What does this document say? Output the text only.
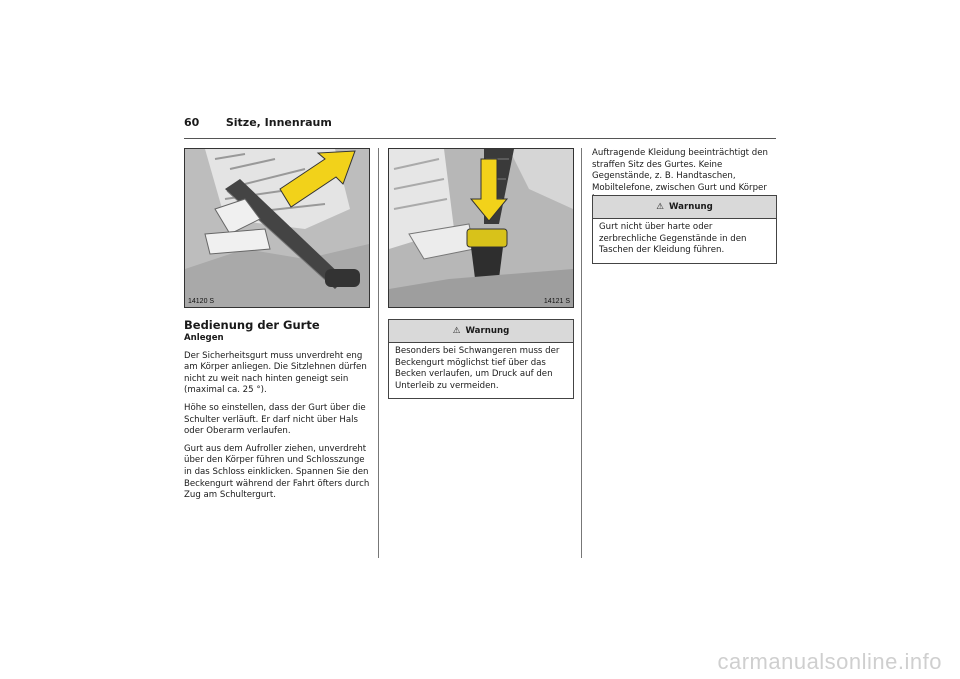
60 Sitze, Innenraum
14120 S	14121 S
Bedienung der Gurte

Anlegen

Der Sicherheitsgurt muss unverdreht eng am Körper anliegen. Die Sitzlehnen dürfen nicht zu weit nach hinten geneigt sein (maximal ca. 25 °).

Höhe so einstellen, dass der Gurt über die Schulter verläuft. Er darf nicht über Hals oder Oberarm verlaufen.

Gurt aus dem Aufroller ziehen, unverdreht über den Körper führen und Schlosszunge in das Schloss einklicken. Spannen Sie den Beckengurt während der Fahrt öfters durch Zug am Schultergurt.

⚠ Warnung
Besonders bei Schwangeren muss der Beckengurt möglichst tief über das Becken verlaufen, um Druck auf den Unterleib zu vermeiden.

Auftragende Kleidung beeinträchtigt den straffen Sitz des Gurtes. Keine Gegenstände, z. B. Handtaschen, Mobiltelefone, zwischen Gurt und Körper

⚠ Warnung
Gurt nicht über harte oder zerbrechliche Gegenstände in den Taschen der Kleidung führen.
carmanualsonline.info
